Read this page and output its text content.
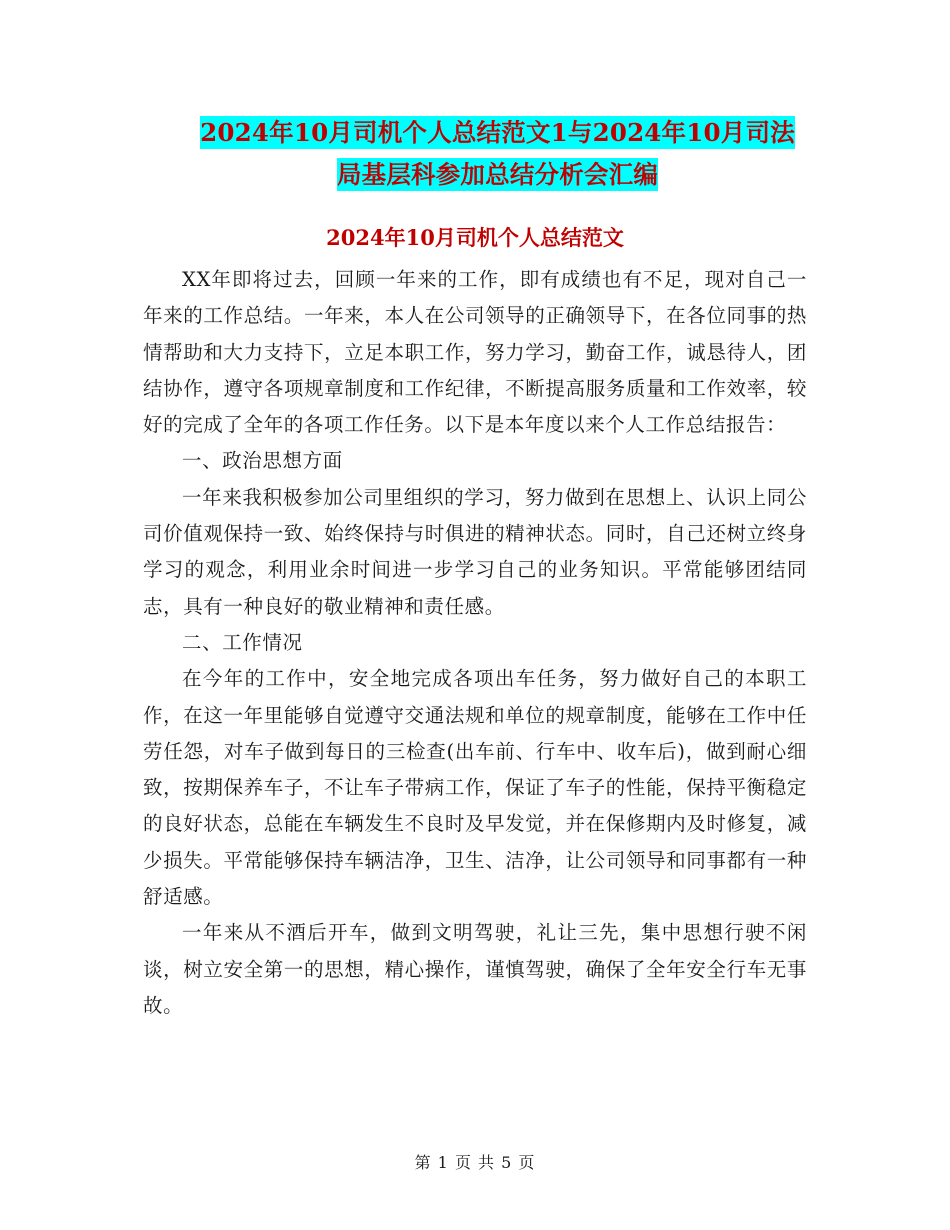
2024年10月司机个人总结范文1与2024年10月司法
局基层科参加总结分析会汇编
2024年10月司机个人总结范文

XX年即将过去，回顾一年来的工作，即有成绩也有不足，现对自己一年来的工作总结。一年来，本人在公司领导的正确领导下，在各位同事的热情帮助和大力支持下，立足本职工作，努力学习，勤奋工作，诚恳待人，团结协作，遵守各项规章制度和工作纪律，不断提高服务质量和工作效率，较好的完成了全年的各项工作任务。以下是本年度以来个人工作总结报告：

一、政治思想方面

一年来我积极参加公司里组织的学习，努力做到在思想上、认识上同公司价值观保持一致、始终保持与时俱进的精神状态。同时，自己还树立终身学习的观念，利用业余时间进一步学习自己的业务知识。平常能够团结同志，具有一种良好的敬业精神和责任感。

二、工作情况

在今年的工作中，安全地完成各项出车任务，努力做好自己的本职工作，在这一年里能够自觉遵守交通法规和单位的规章制度，能够在工作中任劳任怨，对车子做到每日的三检查(出车前、行车中、收车后)，做到耐心细致，按期保养车子，不让车子带病工作，保证了车子的性能，保持平衡稳定的良好状态，总能在车辆发生不良时及早发觉，并在保修期内及时修复，减少损失。平常能够保持车辆洁净，卫生、洁净，让公司领导和同事都有一种舒适感。

一年来从不酒后开车，做到文明驾驶，礼让三先，集中思想行驶不闲谈，树立安全第一的思想，精心操作，谨慎驾驶，确保了全年安全行车无事故。

第 1 页 共 5 页
